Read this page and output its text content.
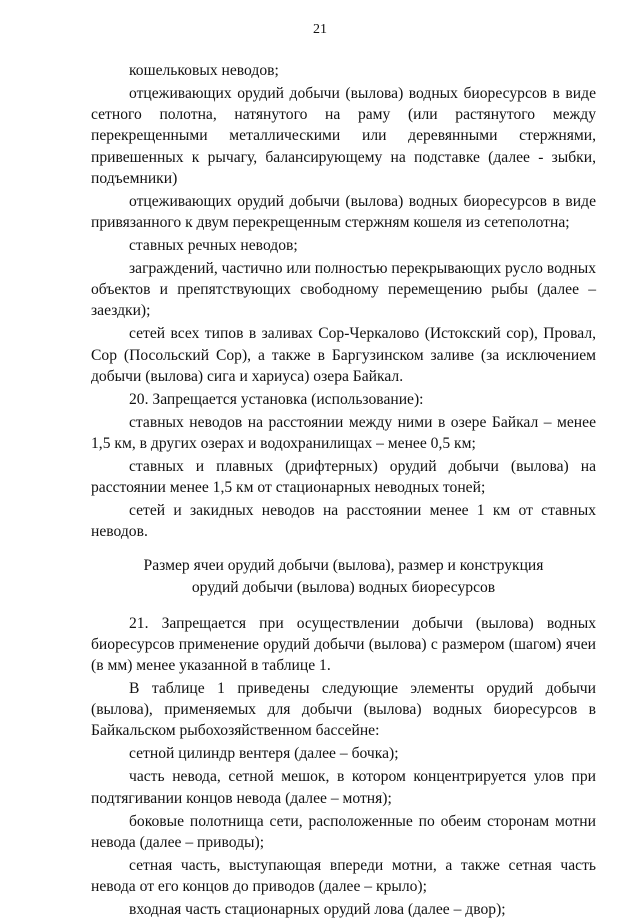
21

кошельковых неводов;

отцеживающих орудий добычи (вылова) водных биоресурсов в виде сетного полотна, натянутого на раму (или растянутого между перекрещенными металлическими или деревянными стержнями, привешенных к рычагу, балансирующему на подставке (далее - зыбки, подъемники)

отцеживающих орудий добычи (вылова) водных биоресурсов в виде привязанного к двум перекрещенным стержням кошеля из сетеполотна;

ставных речных неводов;

заграждений, частично или полностью перекрывающих русло водных объектов и препятствующих свободному перемещению рыбы (далее – заездки);

сетей всех типов в заливах Сор-Черкалово (Истокский сор), Провал, Сор (Посольский Сор), а также в Баргузинском заливе (за исключением добычи (вылова) сига и хариуса) озера Байкал.

20. Запрещается установка (использование):

ставных неводов на расстоянии между ними в озере Байкал – менее 1,5 км, в других озерах и водохранилищах – менее 0,5 км;

ставных и плавных (дрифтерных) орудий добычи (вылова) на расстоянии менее 1,5 км от стационарных неводных тоней;

сетей и закидных неводов на расстоянии менее 1 км от ставных неводов.

Размер ячеи орудий добычи (вылова), размер и конструкция
орудий добычи (вылова) водных биоресурсов

21. Запрещается при осуществлении добычи (вылова) водных биоресурсов применение орудий добычи (вылова) с размером (шагом) ячеи (в мм) менее указанной в таблице 1.

В таблице 1 приведены следующие элементы орудий добычи (вылова), применяемых для добычи (вылова) водных биоресурсов в Байкальском рыбохозяйственном бассейне:

сетной цилиндр вентеря (далее – бочка);

часть невода, сетной мешок, в котором концентрируется улов при подтягивании концов невода (далее – мотня);

боковые полотнища сети, расположенные по обеим сторонам мотни невода (далее – приводы);

сетная часть, выступающая впереди мотни, а также сетная часть невода от его концов до приводов (далее – крыло);

входная часть стационарных орудий лова (далее – двор);
